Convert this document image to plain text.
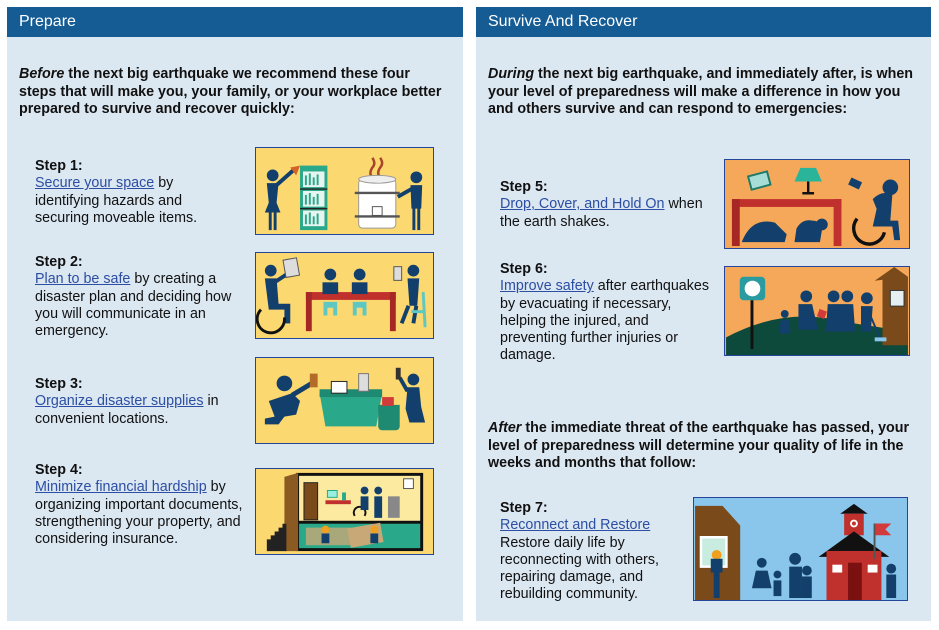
Prepare
Before the next big earthquake we recommend these four steps that will make you, your family, or your workplace better prepared to survive and recover quickly:
Step 1:
Secure your space by identifying hazards and securing moveable items.
Step 2:
Plan to be safe by creating a disaster plan and deciding how you will communicate in an emergency.
Step 3:
Organize disaster supplies in convenient locations.
Step 4:
Minimize financial hardship by organizing important documents, strengthening your property, and considering insurance.
Survive And Recover
During the next big earthquake, and immediately after, is when your level of preparedness will make a difference in how you and others survive and can respond to emergencies:
Step 5:
Drop, Cover, and Hold On when the earth shakes.
Step 6:
Improve safety after earthquakes by evacuating if necessary, helping the injured, and preventing further injuries or damage.
After the immediate threat of the earthquake has passed, your level of preparedness will determine your quality of life in the weeks and months that follow:
Step 7:
Reconnect and Restore
Restore daily life by reconnecting with others, repairing damage, and rebuilding community.
